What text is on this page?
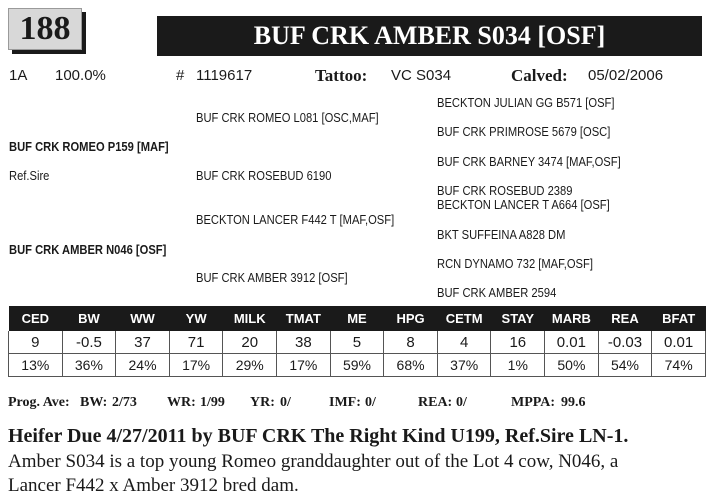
188	BUF CRK AMBER S034 [OSF]
1A 100.0%	# 1119617	Tattoo: VC S034	Calved: 05/02/2006
BUF CRK ROMEO P159 [MAF]
Ref.Sire
BUF CRK ROMEO L081 [OSC,MAF]
BUF CRK ROSEBUD 6190
BECKTON JULIAN GG B571 [OSF]
BUF CRK PRIMROSE 5679 [OSC]
BUF CRK BARNEY 3474 [MAF,OSF]
BUF CRK ROSEBUD 2389
BUF CRK AMBER N046 [OSF]
BECKTON LANCER F442 T [MAF,OSF]
BUF CRK AMBER 3912 [OSF]
BECKTON LANCER T A664 [OSF]
BKT SUFFEINA A828 DM
RCN DYNAMO 732 [MAF,OSF]
BUF CRK AMBER 2594
CED	BW	WW	YW	MILK	TMAT	ME	HPG	CETM	STAY	MARB	REA	BFAT
9	-0.5	37	71	20	38	5	8	4	16	0.01	-0.03	0.01
13%	36%	24%	17%	29%	17%	59%	68%	37%	1%	50%	54%	74%
Prog. Ave: BW: 2/73 WR: 1/99 YR: 0/	IMF: 0/	REA: 0/	MPPA: 99.6
Heifer Due 4/27/2011 by BUF CRK The Right Kind U199, Ref.Sire LN-1.
Amber S034 is a top young Romeo granddaughter out of the Lot 4 cow, N046, a
Lancer F442 x Amber 3912 bred dam.
